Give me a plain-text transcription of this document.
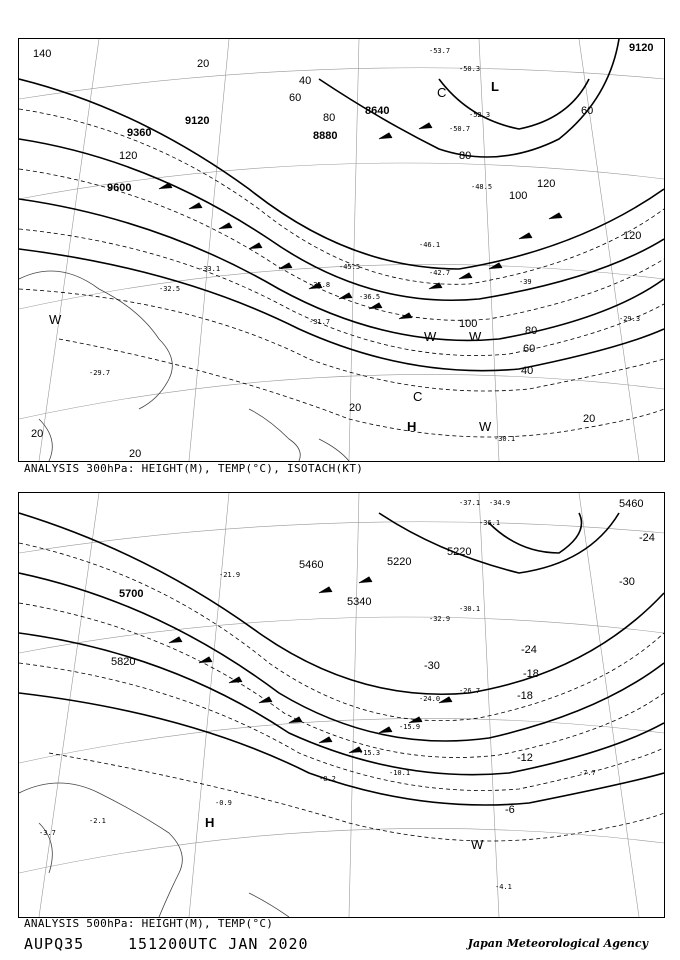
9120
9360
9600
8640
8880
9120
20
40
60
80
120
140
60
80
100
120
20
40
60
80
100
120
20
20
20
L
H
C
C
W
W	W
W
-53.7
-50.7
-52.3
-50.3
-46.1
-48.5
-42.7
-39
-35.8
-33.1
-31.7
-32.5
-29.3
-30.1
-29.7
-36.5
-45.5
ANALYSIS 300hPa: HEIGHT(M), TEMP(°C), ISOTACH(KT)
5700
5820
5460	5220
5340
5460
5220
-24
-30
-18
-12
-6
-18
-24
-30
H
W
-37.1 -34.9
-36.1
-32.9
-30.1
-26.7
-24.0
-21.9
-15.9
-15.3
-10.1	-7.7
-4.1
-2.1
-0.9
-3.7
-8.2
ANALYSIS 500hPa: HEIGHT(M), TEMP(°C)
AUPQ35	151200UTC JAN 2020	Japan Meteorological Agency
